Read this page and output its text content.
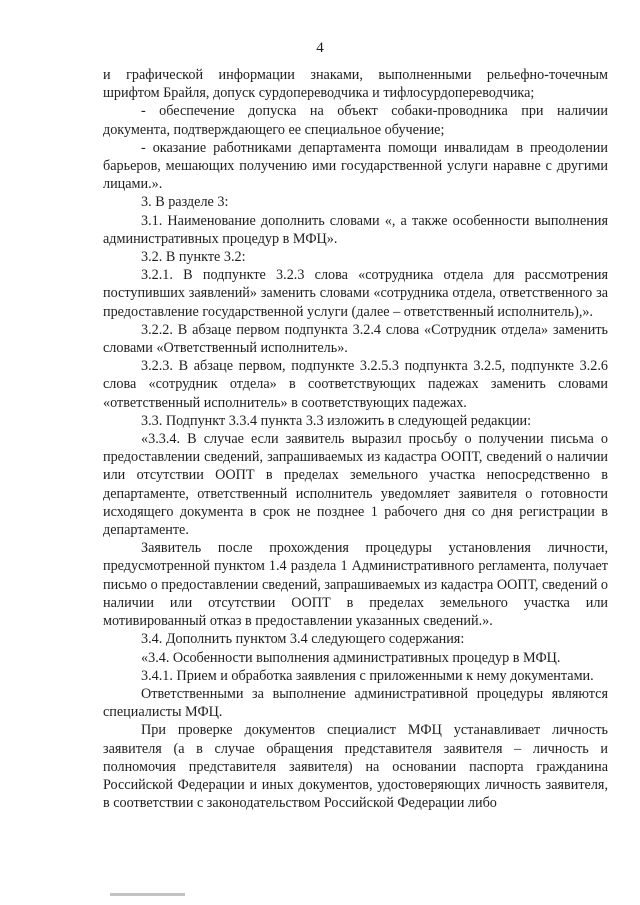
4

и графической информации знаками, выполненными рельефно-точечным шрифтом Брайля, допуск сурдопереводчика и тифлосурдопереводчика;

- обеспечение допуска на объект собаки-проводника при наличии документа, подтверждающего ее специальное обучение;

- оказание работниками департамента помощи инвалидам в преодолении барьеров, мешающих получению ими государственной услуги наравне с другими лицами.».

3. В разделе 3:

3.1. Наименование дополнить словами «, а также особенности выполнения административных процедур в МФЦ».

3.2. В пункте 3.2:

3.2.1. В подпункте 3.2.3 слова «сотрудника отдела для рассмотрения поступивших заявлений» заменить словами «сотрудника отдела, ответственного за предоставление государственной услуги (далее – ответственный исполнитель),».

3.2.2. В абзаце первом подпункта 3.2.4 слова «Сотрудник отдела» заменить словами «Ответственный исполнитель».

3.2.3. В абзаце первом, подпункте 3.2.5.3 подпункта 3.2.5, подпункте 3.2.6 слова «сотрудник отдела» в соответствующих падежах заменить словами «ответственный исполнитель» в соответствующих падежах.

3.3. Подпункт 3.3.4 пункта 3.3 изложить в следующей редакции:

«3.3.4. В случае если заявитель выразил просьбу о получении письма о предоставлении сведений, запрашиваемых из кадастра ООПТ, сведений о наличии или отсутствии ООПТ в пределах земельного участка непосредственно в департаменте, ответственный исполнитель уведомляет заявителя о готовности исходящего документа в срок не позднее 1 рабочего дня со дня регистрации в департаменте.

Заявитель после прохождения процедуры установления личности, предусмотренной пунктом 1.4 раздела 1 Административного регламента, получает письмо о предоставлении сведений, запрашиваемых из кадастра ООПТ, сведений о наличии или отсутствии ООПТ в пределах земельного участка или мотивированный отказ в предоставлении указанных сведений.».

3.4. Дополнить пунктом 3.4 следующего содержания:

«3.4. Особенности выполнения административных процедур в МФЦ.

3.4.1. Прием и обработка заявления с приложенными к нему документами.

Ответственными за выполнение административной процедуры являются специалисты МФЦ.

При проверке документов специалист МФЦ устанавливает личность заявителя (а в случае обращения представителя заявителя – личность и полномочия представителя заявителя) на основании паспорта гражданина Российской Федерации и иных документов, удостоверяющих личность заявителя, в соответствии с законодательством Российской Федерации либо
